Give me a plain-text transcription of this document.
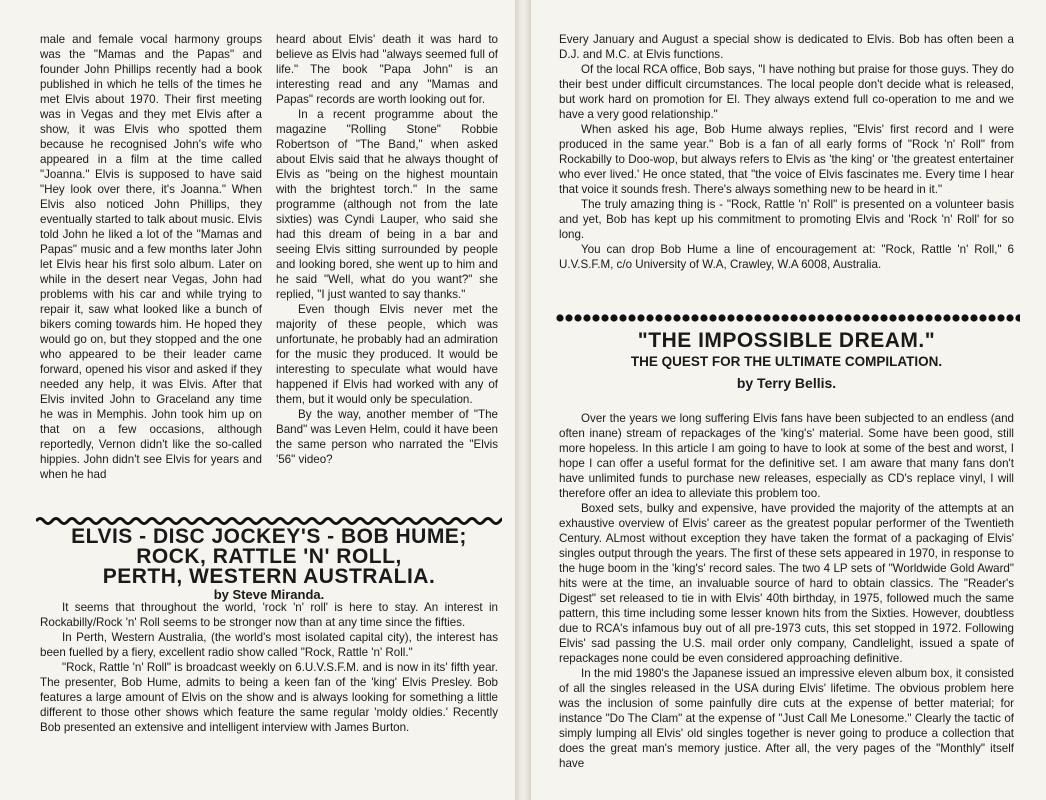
male and female vocal harmony groups was the "Mamas and the Papas" and founder John Phillips recently had a book published in which he tells of the times he met Elvis about 1970. Their first meeting was in Vegas and they met Elvis after a show, it was Elvis who spotted them because he recognised John's wife who appeared in a film at the time called "Joanna." Elvis is supposed to have said "Hey look over there, it's Joanna." When Elvis also noticed John Phillips, they eventually started to talk about music. Elvis told John he liked a lot of the "Mamas and Papas" music and a few months later John let Elvis hear his first solo album. Later on while in the desert near Vegas, John had problems with his car and while trying to repair it, saw what looked like a bunch of bikers coming towards him. He hoped they would go on, but they stopped and the one who appeared to be their leader came forward, opened his visor and asked if they needed any help, it was Elvis. After that Elvis invited John to Graceland any time he was in Memphis. John took him up on that on a few occasions, although reportedly, Vernon didn't like the so-called hippies. John didn't see Elvis for years and when he had

heard about Elvis' death it was hard to believe as Elvis had "always seemed full of life." The book "Papa John" is an interesting read and any "Mamas and Papas" records are worth looking out for.

In a recent programme about the magazine "Rolling Stone" Robbie Robertson of "The Band," when asked about Elvis said that he always thought of Elvis as "being on the highest mountain with the brightest torch." In the same programme (although not from the late sixties) was Cyndi Lauper, who said she had this dream of being in a bar and seeing Elvis sitting surrounded by people and looking bored, she went up to him and he said "Well, what do you want?" she replied, "I just wanted to say thanks."

Even though Elvis never met the majority of these people, which was unfortunate, he probably had an admiration for the music they produced. It would be interesting to speculate what would have happened if Elvis had worked with any of them, but it would only be speculation.

By the way, another member of "The Band" was Leven Helm, could it have been the same person who narrated the "Elvis '56" video?

ELVIS - DISC JOCKEY'S - BOB HUME;
ROCK, RATTLE 'N' ROLL,
PERTH, WESTERN AUSTRALIA.

by Steve Miranda.

It seems that throughout the world, 'rock 'n' roll' is here to stay. An interest in Rockabilly/Rock 'n' Roll seems to be stronger now than at any time since the fifties.

In Perth, Western Australia, (the world's most isolated capital city), the interest has been fuelled by a fiery, excellent radio show called "Rock, Rattle 'n' Roll."

"Rock, Rattle 'n' Roll" is broadcast weekly on 6.U.V.S.F.M. and is now in its' fifth year. The presenter, Bob Hume, admits to being a keen fan of the 'king' Elvis Presley. Bob features a large amount of Elvis on the show and is always looking for something a little different to those other shows which feature the same regular 'moldy oldies.' Recently Bob presented an extensive and intelligent interview with James Burton.

Every January and August a special show is dedicated to Elvis. Bob has often been a D.J. and M.C. at Elvis functions.

Of the local RCA office, Bob says, "I have nothing but praise for those guys. They do their best under difficult circumstances. The local people don't decide what is released, but work hard on promotion for El. They always extend full co-operation to me and we have a very good relationship."

When asked his age, Bob Hume always replies, "Elvis' first record and I were produced in the same year." Bob is a fan of all early forms of "Rock 'n' Roll" from Rockabilly to Doo-wop, but always refers to Elvis as 'the king' or 'the greatest entertainer who ever lived.' He once stated, that "the voice of Elvis fascinates me. Every time I hear that voice it sounds fresh. There's always something new to be heard in it."

The truly amazing thing is - "Rock, Rattle 'n' Roll" is presented on a volunteer basis and yet, Bob has kept up his commitment to promoting Elvis and 'Rock 'n' Roll' for so long.

You can drop Bob Hume a line of encouragement at: "Rock, Rattle 'n' Roll," 6 U.V.S.F.M, c/o University of W.A, Crawley, W.A 6008, Australia.

"THE IMPOSSIBLE DREAM."
THE QUEST FOR THE ULTIMATE COMPILATION.

by Terry Bellis.

Over the years we long suffering Elvis fans have been subjected to an endless (and often inane) stream of repackages of the 'king's' material. Some have been good, still more hopeless. In this article I am going to have to look at some of the best and worst, I hope I can offer a useful format for the definitive set. I am aware that many fans don't have unlimited funds to purchase new releases, especially as CD's replace vinyl, I will therefore offer an idea to alleviate this problem too.

Boxed sets, bulky and expensive, have provided the majority of the attempts at an exhaustive overview of Elvis' career as the greatest popular performer of the Twentieth Century. ALmost without exception they have taken the format of a packaging of Elvis' singles output through the years. The first of these sets appeared in 1970, in response to the huge boom in the 'king's' record sales. The two 4 LP sets of "Worldwide Gold Award" hits were at the time, an invaluable source of hard to obtain classics. The "Reader's Digest" set released to tie in with Elvis' 40th birthday, in 1975, followed much the same pattern, this time including some lesser known hits from the Sixties. However, doubtless due to RCA's infamous buy out of all pre-1973 cuts, this set stopped in 1972. Following Elvis' sad passing the U.S. mail order only company, Candlelight, issued a spate of repackages none could be even considered approaching definitive.

In the mid 1980's the Japanese issued an impressive eleven album box, it consisted of all the singles released in the USA during Elvis' lifetime. The obvious problem here was the inclusion of some painfully dire cuts at the expense of better material; for instance "Do The Clam" at the expense of "Just Call Me Lonesome." Clearly the tactic of simply lumping all Elvis' old singles together is never going to produce a collection that does the great man's memory justice. After all, the very pages of the "Monthly" itself have
